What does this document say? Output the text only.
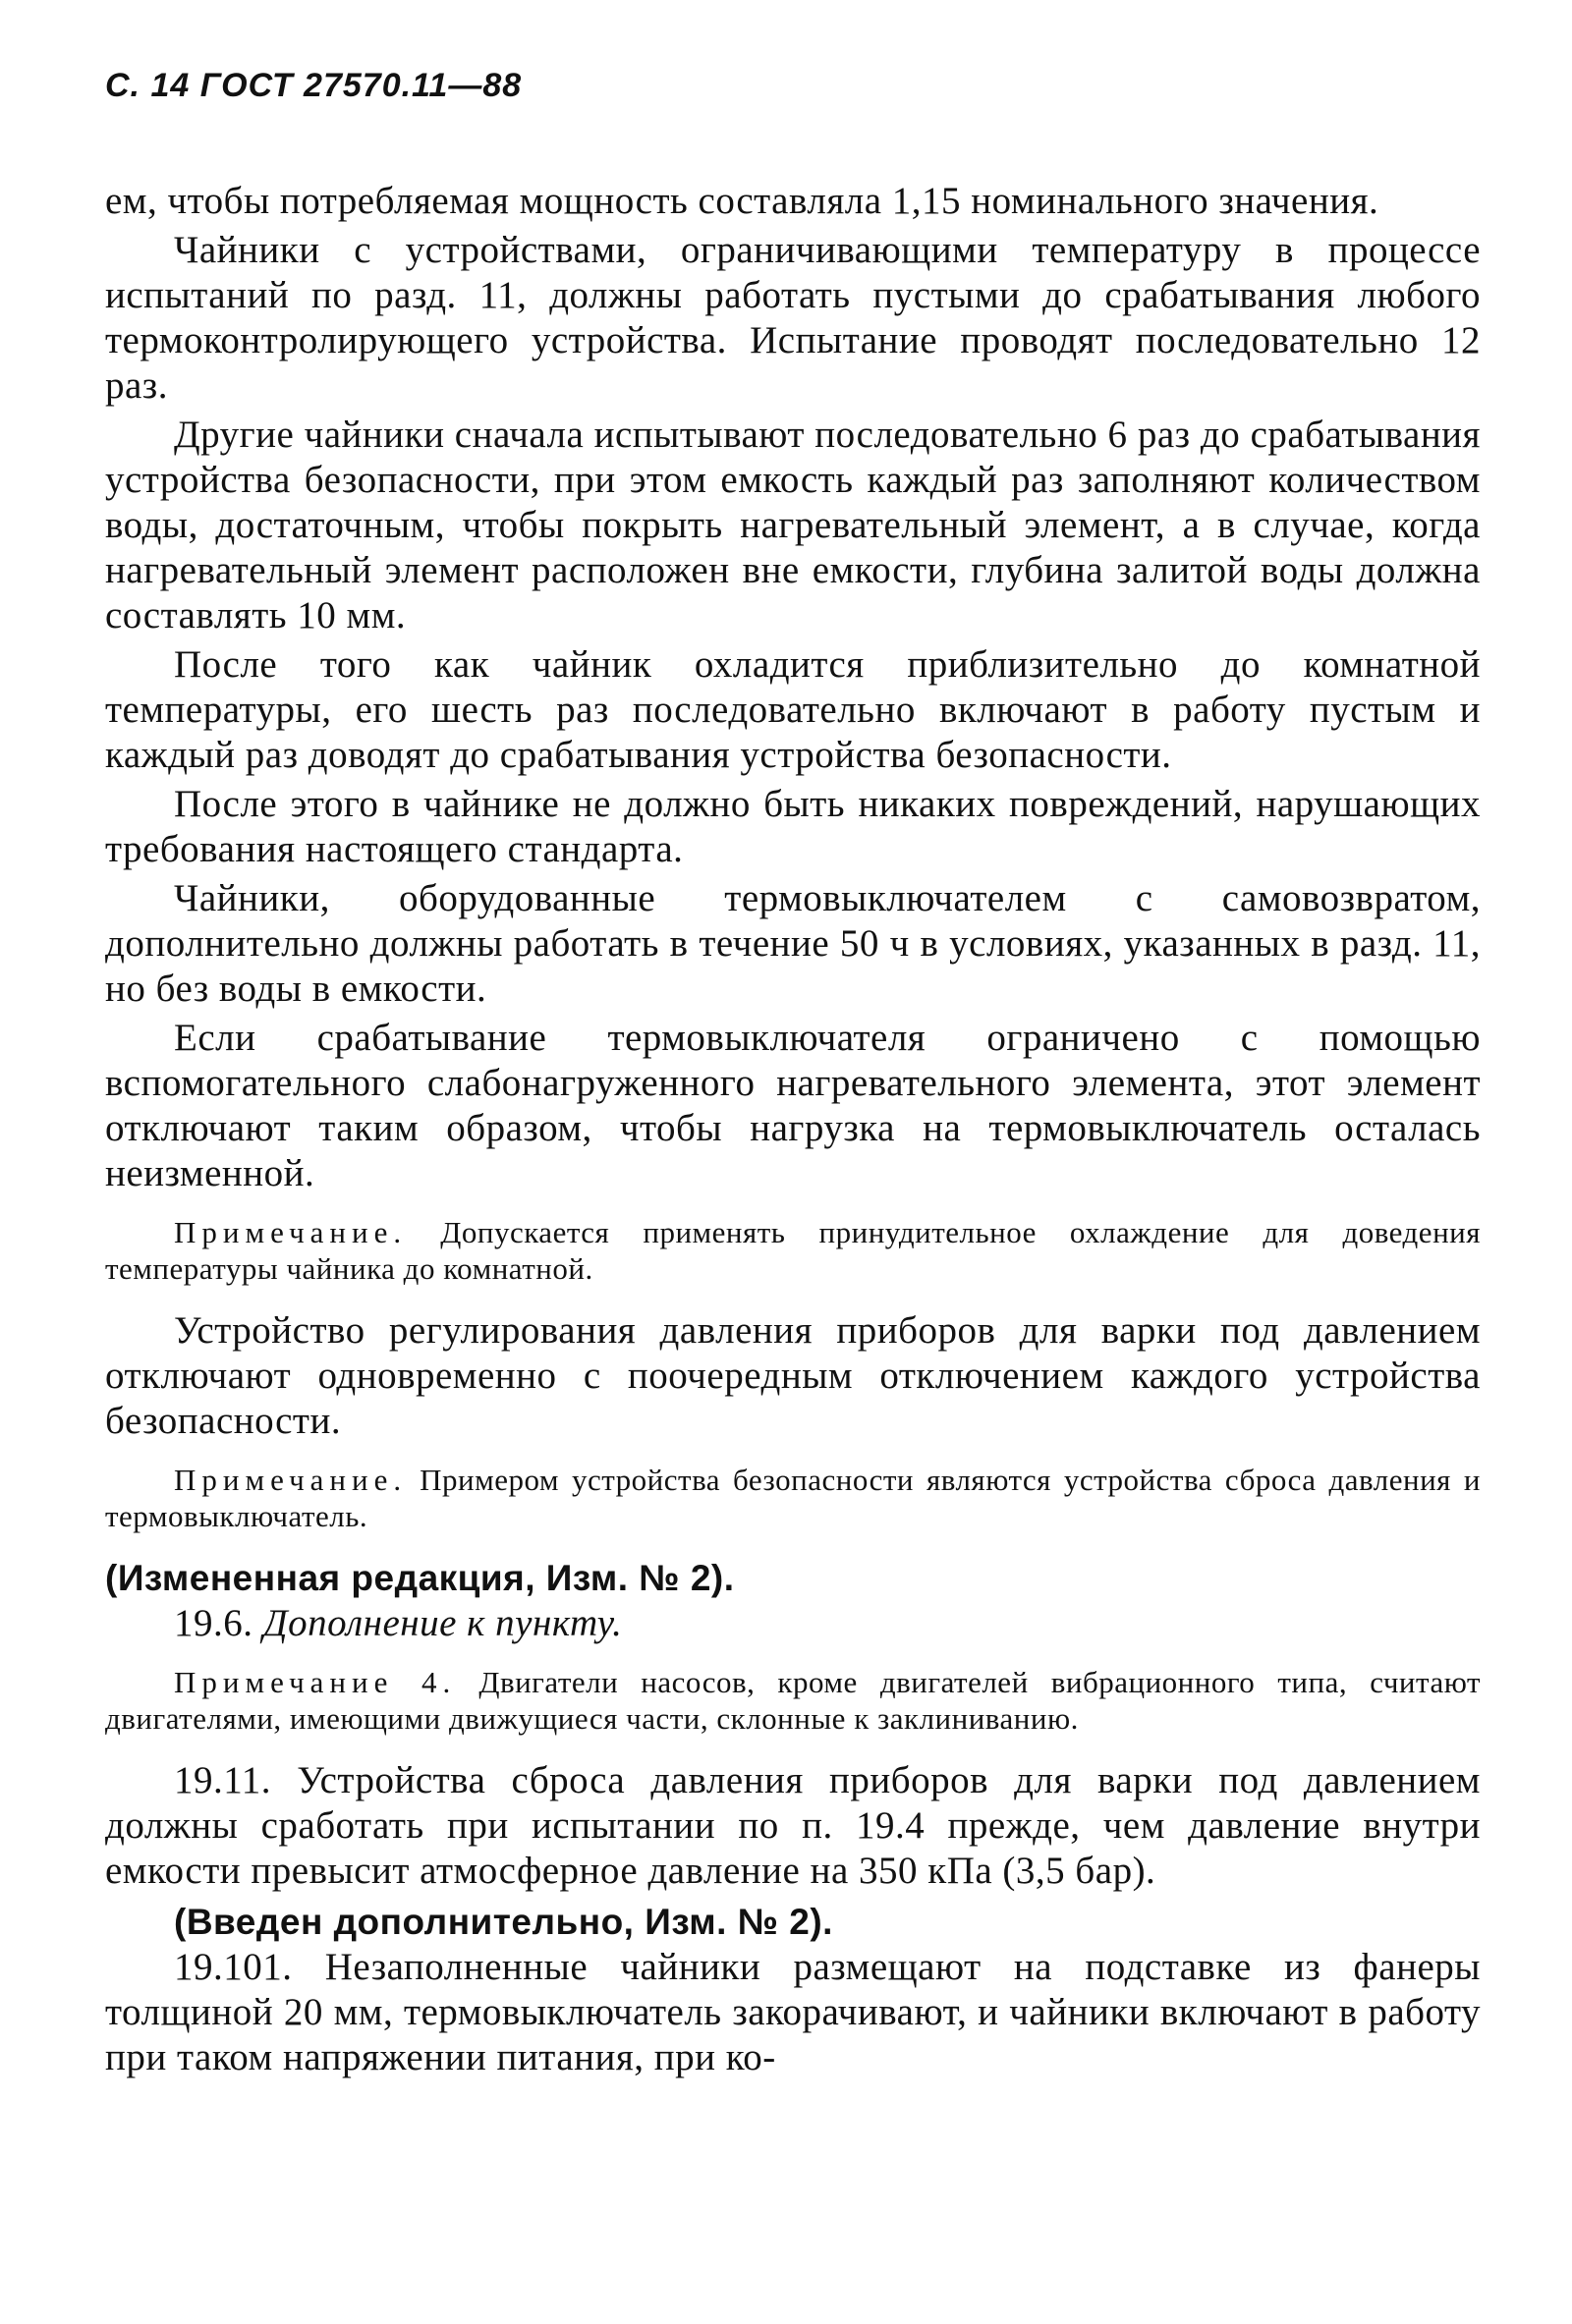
С. 14 ГОСТ 27570.11—88

ем, чтобы потребляемая мощность составляла 1,15 номинального значения.

Чайники с устройствами, ограничивающими температуру в процессе испытаний по разд. 11, должны работать пустыми до срабатывания любого термоконтролирующего устройства. Испытание проводят последовательно 12 раз.

Другие чайники сначала испытывают последовательно 6 раз до срабатывания устройства безопасности, при этом емкость каждый раз заполняют количеством воды, достаточным, чтобы покрыть нагревательный элемент, а в случае, когда нагревательный элемент расположен вне емкости, глубина залитой воды должна составлять 10 мм.

После того как чайник охладится приблизительно до комнатной температуры, его шесть раз последовательно включают в работу пустым и каждый раз доводят до срабатывания устройства безопасности.

После этого в чайнике не должно быть никаких повреждений, нарушающих требования настоящего стандарта.

Чайники, оборудованные термовыключателем с самовозвратом, дополнительно должны работать в течение 50 ч в условиях, указанных в разд. 11, но без воды в емкости.

Если срабатывание термовыключателя ограничено с помощью вспомогательного слабонагруженного нагревательного элемента, этот элемент отключают таким образом, чтобы нагрузка на термовыключатель осталась неизменной.

Примечание. Допускается применять принудительное охлаждение для доведения температуры чайника до комнатной.

Устройство регулирования давления приборов для варки под давлением отключают одновременно с поочередным отключением каждого устройства безопасности.

Примечание. Примером устройства безопасности являются устройства сброса давления и термовыключатель.

(Измененная редакция, Изм. № 2).

19.6. Дополнение к пункту.

Примечание 4. Двигатели насосов, кроме двигателей вибрационного типа, считают двигателями, имеющими движущиеся части, склонные к заклиниванию.

19.11. Устройства сброса давления приборов для варки под давлением должны сработать при испытании по п. 19.4 прежде, чем давление внутри емкости превысит атмосферное давление на 350 кПа (3,5 бар).

(Введен дополнительно, Изм. № 2).

19.101. Незаполненные чайники размещают на подставке из фанеры толщиной 20 мм, термовыключатель закорачивают, и чайники включают в работу при таком напряжении питания, при ко-
